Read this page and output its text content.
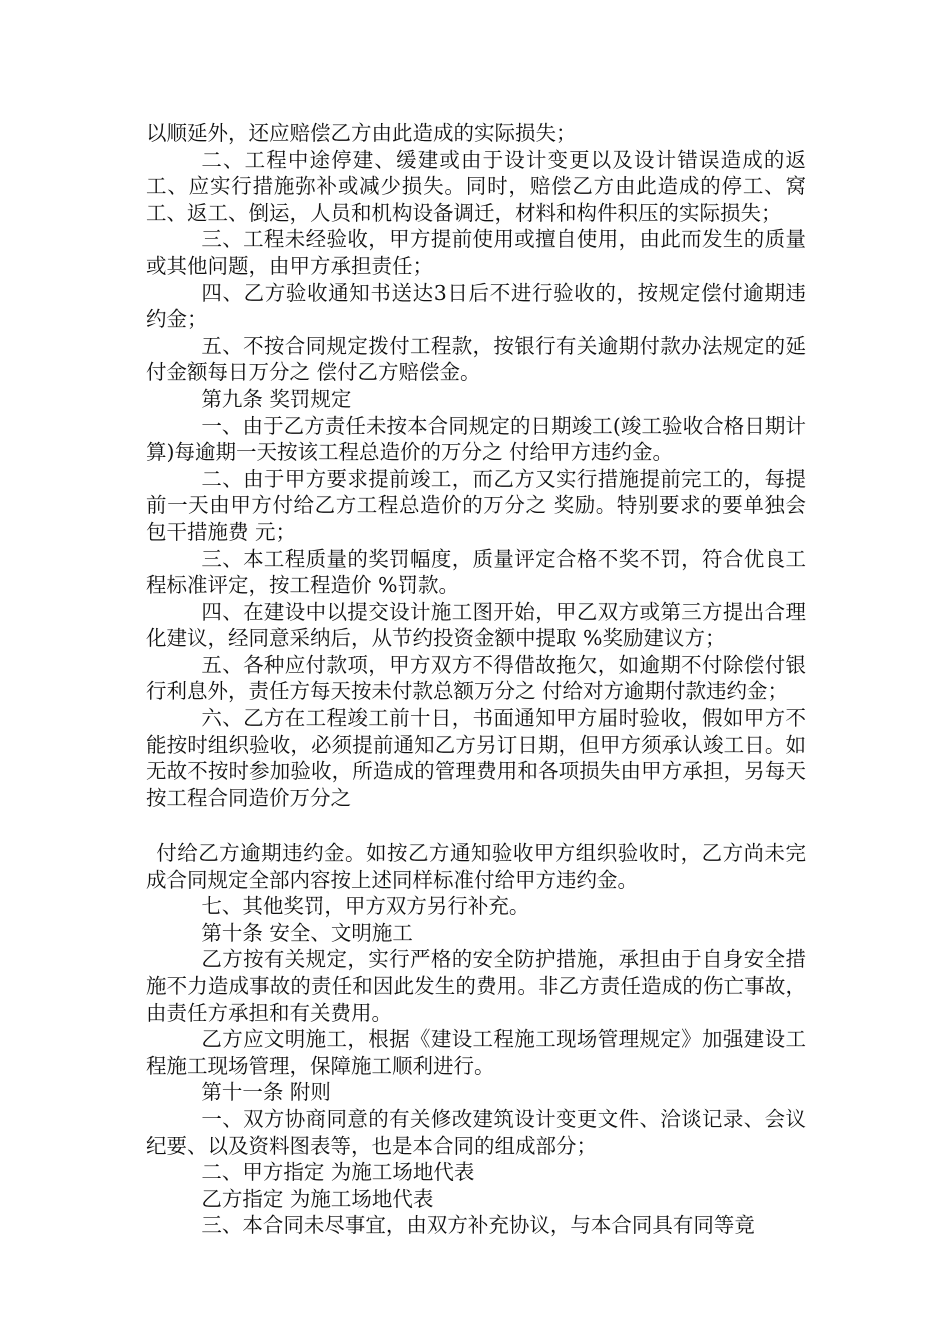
以顺延外，还应赔偿乙方由此造成的实际损失；

二、工程中途停建、缓建或由于设计变更以及设计错误造成的返工、应实行措施弥补或减少损失。同时，赔偿乙方由此造成的停工、窝工、返工、倒运，人员和机构设备调迁，材料和构件积压的实际损失；

三、工程未经验收，甲方提前使用或擅自使用，由此而发生的质量或其他问题，由甲方承担责任；

四、乙方验收通知书送达3日后不进行验收的，按规定偿付逾期违约金；

五、不按合同规定拨付工程款，按银行有关逾期付款办法规定的延付金额每日万分之 偿付乙方赔偿金。

第九条 奖罚规定

一、由于乙方责任未按本合同规定的日期竣工(竣工验收合格日期计算)每逾期一天按该工程总造价的万分之 付给甲方违约金。

二、由于甲方要求提前竣工，而乙方又实行措施提前完工的，每提前一天由甲方付给乙方工程总造价的万分之 奖励。特别要求的要单独会包干措施费 元；

三、本工程质量的奖罚幅度，质量评定合格不奖不罚，符合优良工程标准评定，按工程造价 %罚款。

四、在建设中以提交设计施工图开始，甲乙双方或第三方提出合理化建议，经同意采纳后，从节约投资金额中提取 %奖励建议方；

五、各种应付款项，甲方双方不得借故拖欠，如逾期不付除偿付银行利息外，责任方每天按未付款总额万分之 付给对方逾期付款违约金；

六、乙方在工程竣工前十日，书面通知甲方届时验收，假如甲方不能按时组织验收，必须提前通知乙方另订日期，但甲方须承认竣工日。如无故不按时参加验收，所造成的管理费用和各项损失由甲方承担，另每天按工程合同造价万分之

付给乙方逾期违约金。如按乙方通知验收甲方组织验收时，乙方尚未完成合同规定全部内容按上述同样标准付给甲方违约金。

七、其他奖罚，甲方双方另行补充。

第十条 安全、文明施工

乙方按有关规定，实行严格的安全防护措施，承担由于自身安全措施不力造成事故的责任和因此发生的费用。非乙方责任造成的伤亡事故，由责任方承担和有关费用。

乙方应文明施工，根据《建设工程施工现场管理规定》加强建设工程施工现场管理，保障施工顺利进行。

第十一条 附则

一、双方协商同意的有关修改建筑设计变更文件、洽谈记录、会议纪要、以及资料图表等，也是本合同的组成部分；

二、甲方指定 为施工场地代表

乙方指定 为施工场地代表

三、本合同未尽事宜，由双方补充协议，与本合同具有同等竟
